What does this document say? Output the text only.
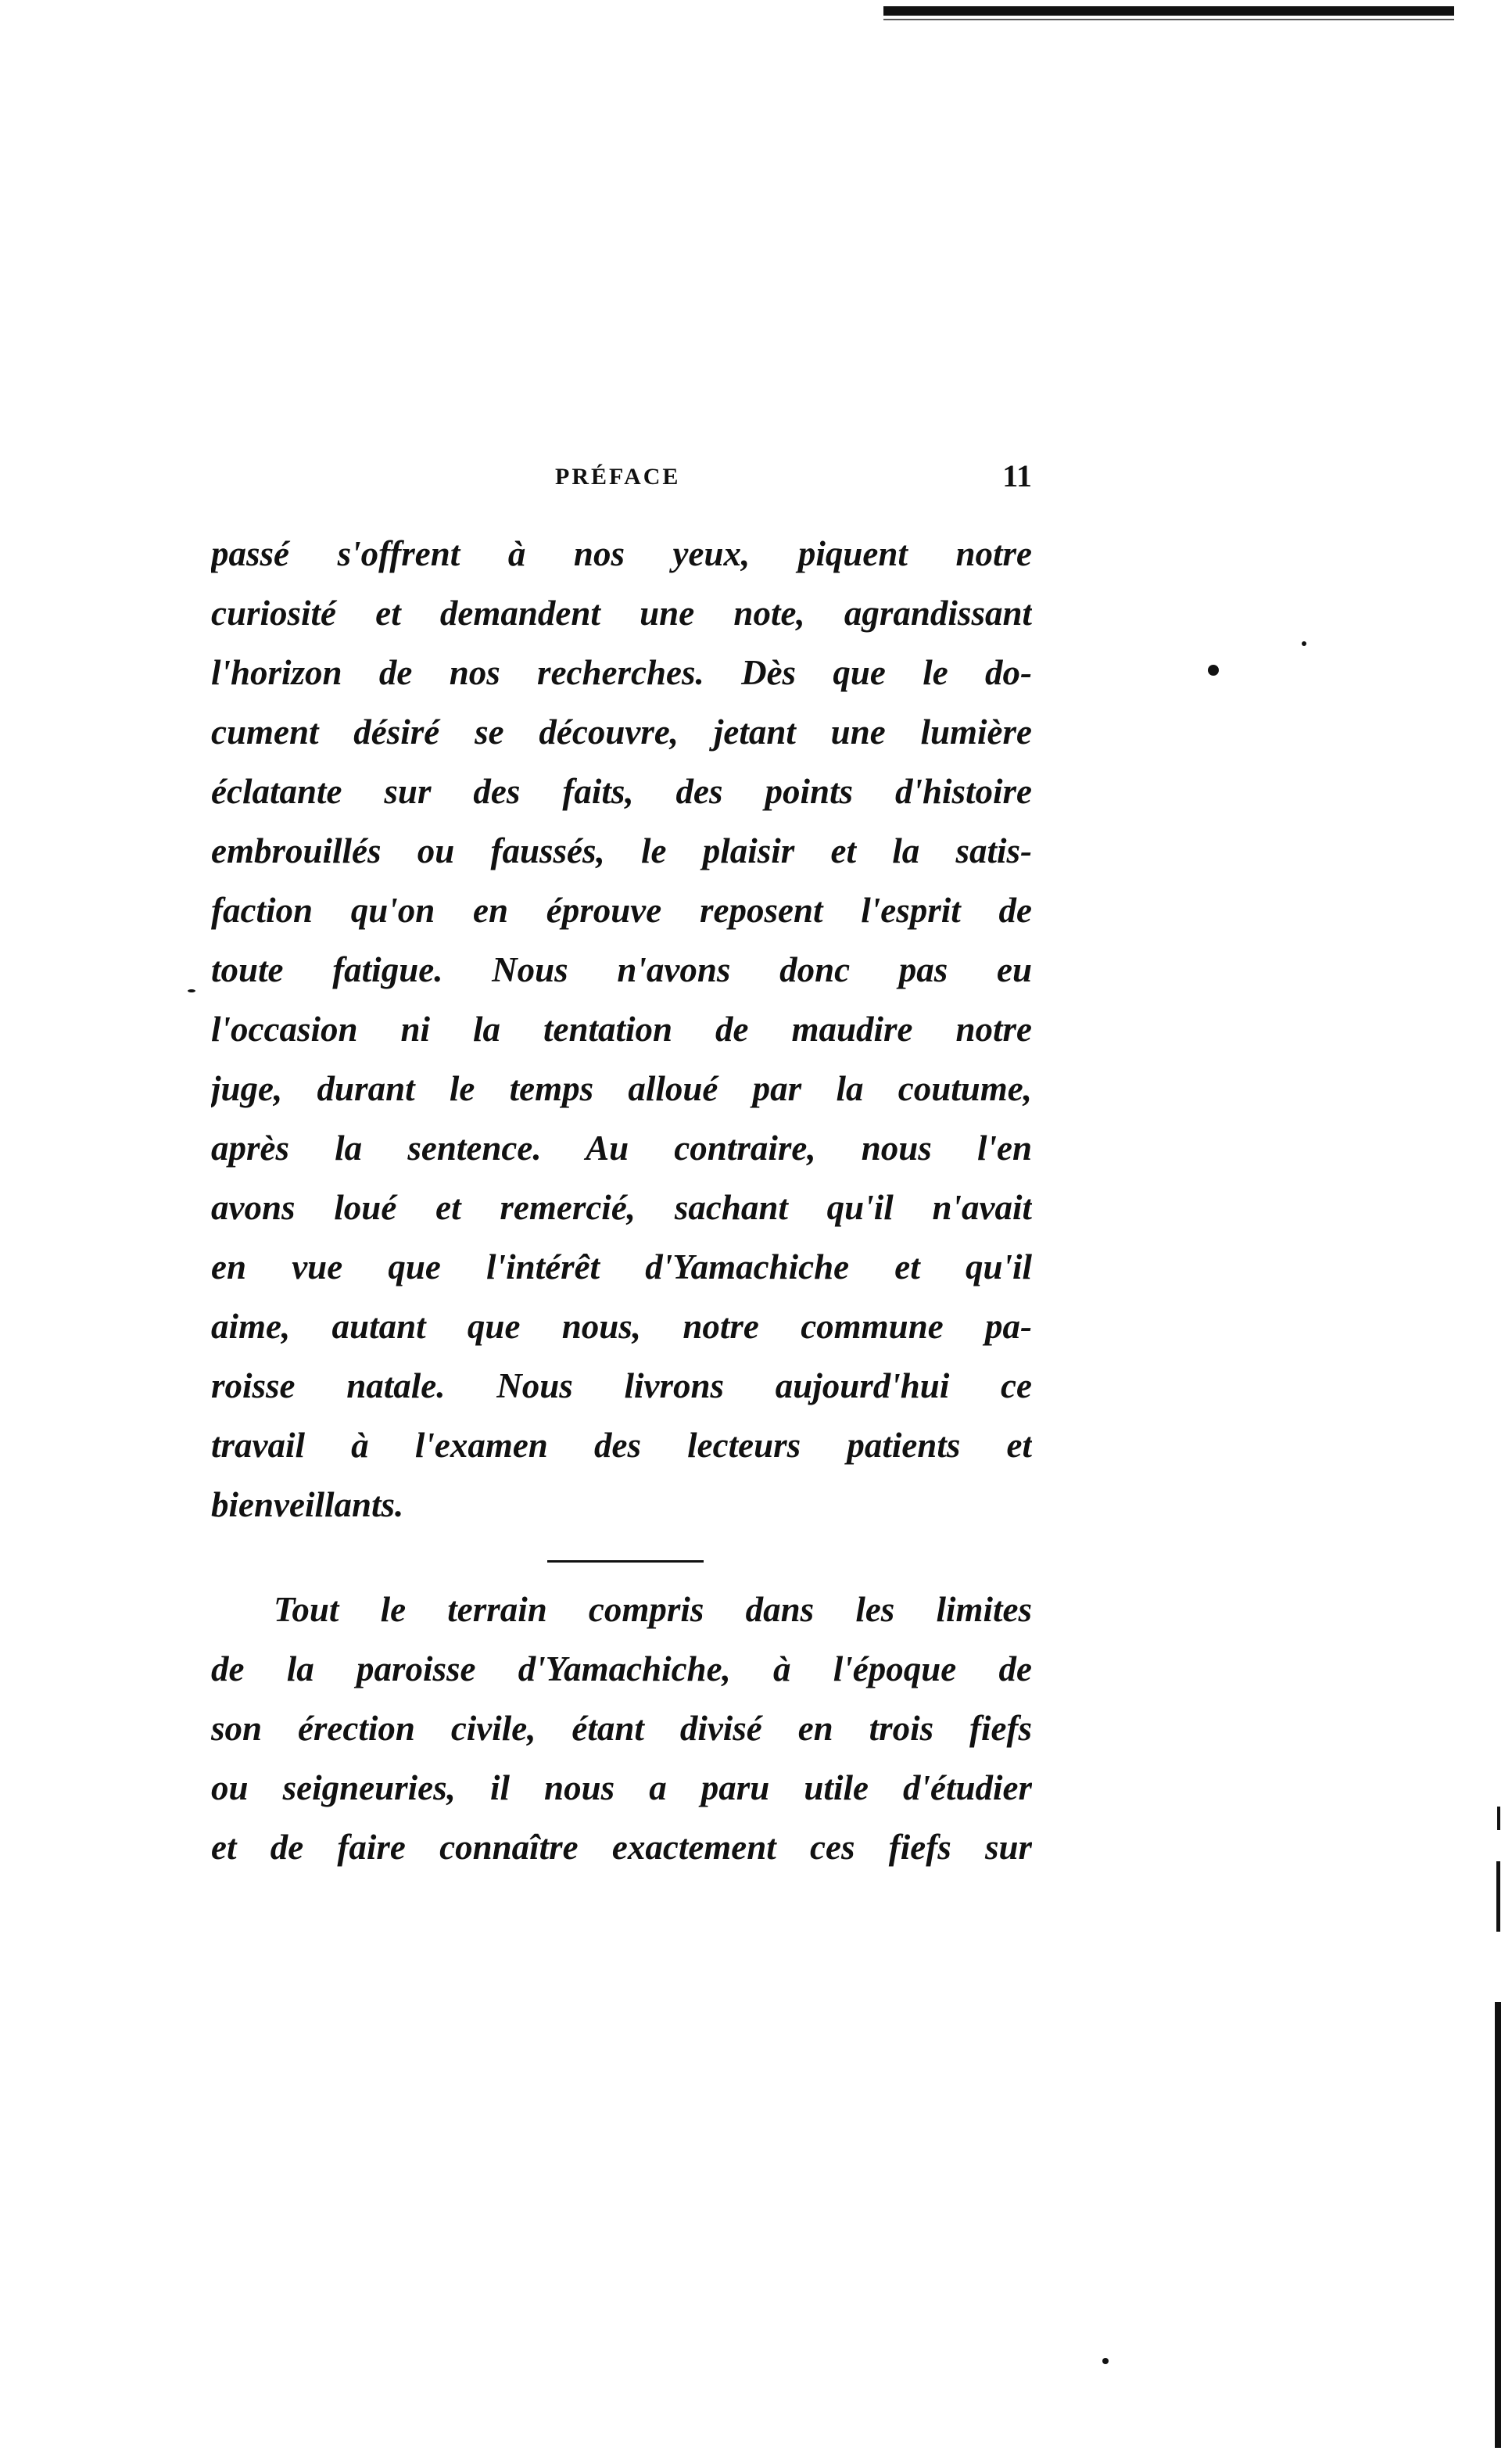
PRÉFACE	11
passé s'offrent à nos yeux, piquent notre
curiosité et demandent une note, agrandissant
l'horizon de nos recherches. Dès que le do-
cument désiré se découvre, jetant une lumière
éclatante sur des faits, des points d'histoire
embrouillés ou faussés, le plaisir et la satis-
faction qu'on en éprouve reposent l'esprit de
toute fatigue. Nous n'avons donc pas eu
l'occasion ni la tentation de maudire notre
juge, durant le temps alloué par la coutume,
après la sentence. Au contraire, nous l'en
avons loué et remercié, sachant qu'il n'avait
en vue que l'intérêt d'Yamachiche et qu'il
aime, autant que nous, notre commune pa-
roisse natale. Nous livrons aujourd'hui ce
travail à l'examen des lecteurs patients et
bienveillants.
Tout le terrain compris dans les limites
de la paroisse d'Yamachiche, à l'époque de
son érection civile, étant divisé en trois fiefs
ou seigneuries, il nous a paru utile d'étudier
et de faire connaître exactement ces fiefs sur
